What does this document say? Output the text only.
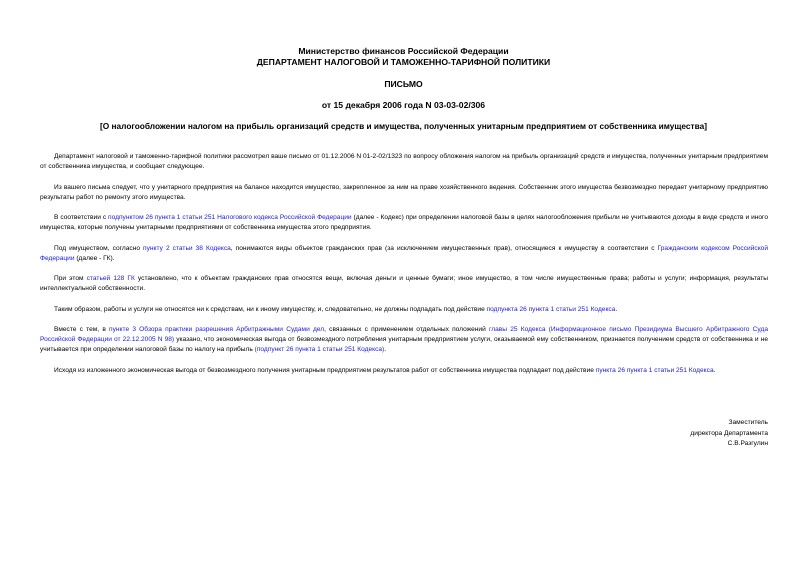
Министерство финансов Российской Федерации
ДЕПАРТАМЕНТ НАЛОГОВОЙ И ТАМОЖЕННО-ТАРИФНОЙ ПОЛИТИКИ
ПИСЬМО
от 15 декабря 2006 года N 03-03-02/306
[О налогообложении налогом на прибыль организаций средств и имущества, полученных унитарным предприятием от собственника имущества]

Департамент налоговой и таможенно-тарифной политики рассмотрел ваше письмо от 01.12.2006 N 01-2-02/1323 по вопросу обложения налогом на прибыль организаций средств и имущества, полученных унитарным предприятием от собственника имущества, и сообщает следующее.

Из вашего письма следует, что у унитарного предприятия на балансе находится имущество, закрепленное за ним на праве хозяйственного ведения. Собственник этого имущества безвозмездно передает унитарному предприятию результаты работ по ремонту этого имущества.

В соответствии с подпунктом 26 пункта 1 статьи 251 Налогового кодекса Российской Федерации (далее - Кодекс) при определении налоговой базы в целях налогообложения прибыли не учитываются доходы в виде средств и иного имущества, которые получены унитарными предприятиями от собственника имущества этого предприятия.

Под имуществом, согласно пункту 2 статьи 38 Кодекса, понимаются виды объектов гражданских прав (за исключением имущественных прав), относящиеся к имуществу в соответствии с Гражданским кодексом Российской Федерации (далее - ГК).

При этом статьей 128 ГК установлено, что к объектам гражданских прав относятся вещи, включая деньги и ценные бумаги; иное имущество, в том числе имущественные права; работы и услуги; информация, результаты интеллектуальной собственности.

Таким образом, работы и услуги не относятся ни к средствам, ни к иному имуществу, и, следовательно, не должны подпадать под действие подпункта 26 пункта 1 статьи 251 Кодекса.

Вместе с тем, в пункте 3 Обзора практики разрешения Арбитражными Судами дел, связанных с применением отдельных положений главы 25 Кодекса (Информационное письмо Президиума Высшего Арбитражного Суда Российской Федерации от 22.12.2005 N 98) указано, что экономическая выгода от безвозмездного потребления унитарным предприятием услуги, оказываемой ему собственником, признается получением средств от собственника и не учитывается при определении налоговой базы по налогу на прибыль (подпункт 26 пункта 1 статьи 251 Кодекса).

Исходя из изложенного экономическая выгода от безвозмездного получения унитарным предприятием результатов работ от собственника имущества подпадает под действие пункта 26 пункта 1 статьи 251 Кодекса.

Заместитель
директора Департамента
С.В.Разгулин
